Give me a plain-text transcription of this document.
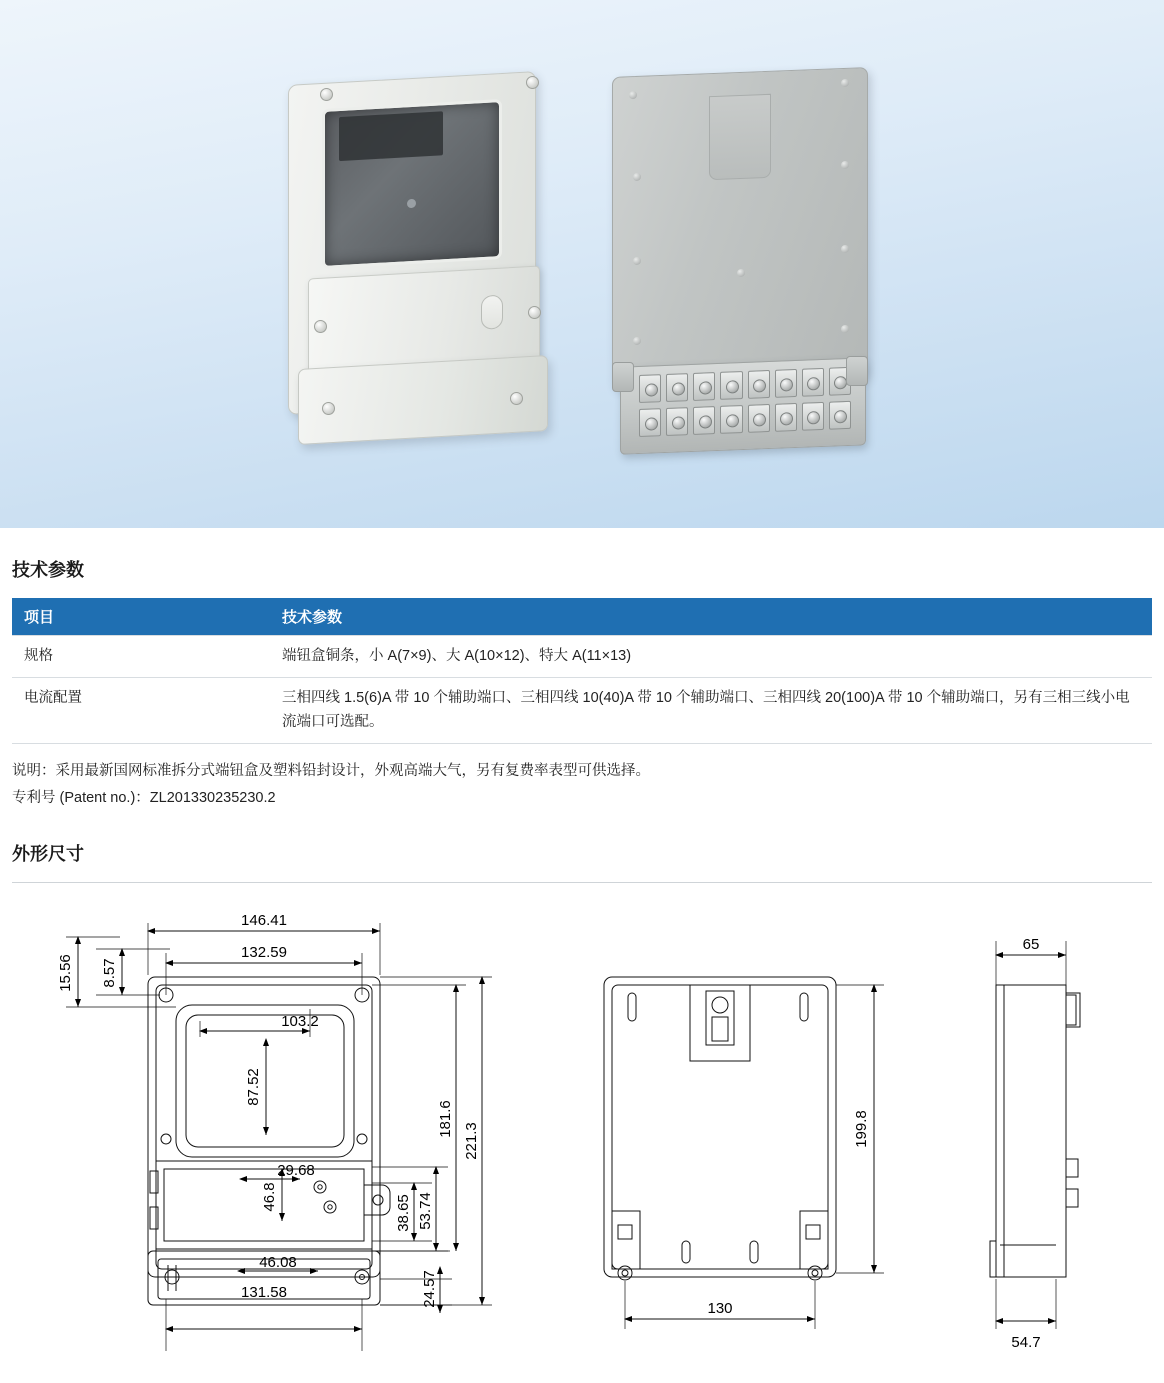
技术参数
项目	技术参数
规格	端钮盒铜条，小 A(7×9)、大 A(10×12)、特大 A(11×13)
电流配置	三相四线 1.5(6)A 带 10 个辅助端口、三相四线 10(40)A 带 10 个辅助端口、三相四线 20(100)A 带 10 个辅助端口，另有三相三线小电流端口可选配。
说明：采用最新国网标准拆分式端钮盒及塑料铅封设计，外观高端大气，另有复费率表型可供选择。
专利号 (Patent no.)：ZL201330235230.2
外形尺寸
146.41
132.59
8.57
15.56
103.2
87.52
181.6
221.3
29.68
46.8	38.65 53.74
46.08
131.58	24.57
199.8
130
65
54.7
